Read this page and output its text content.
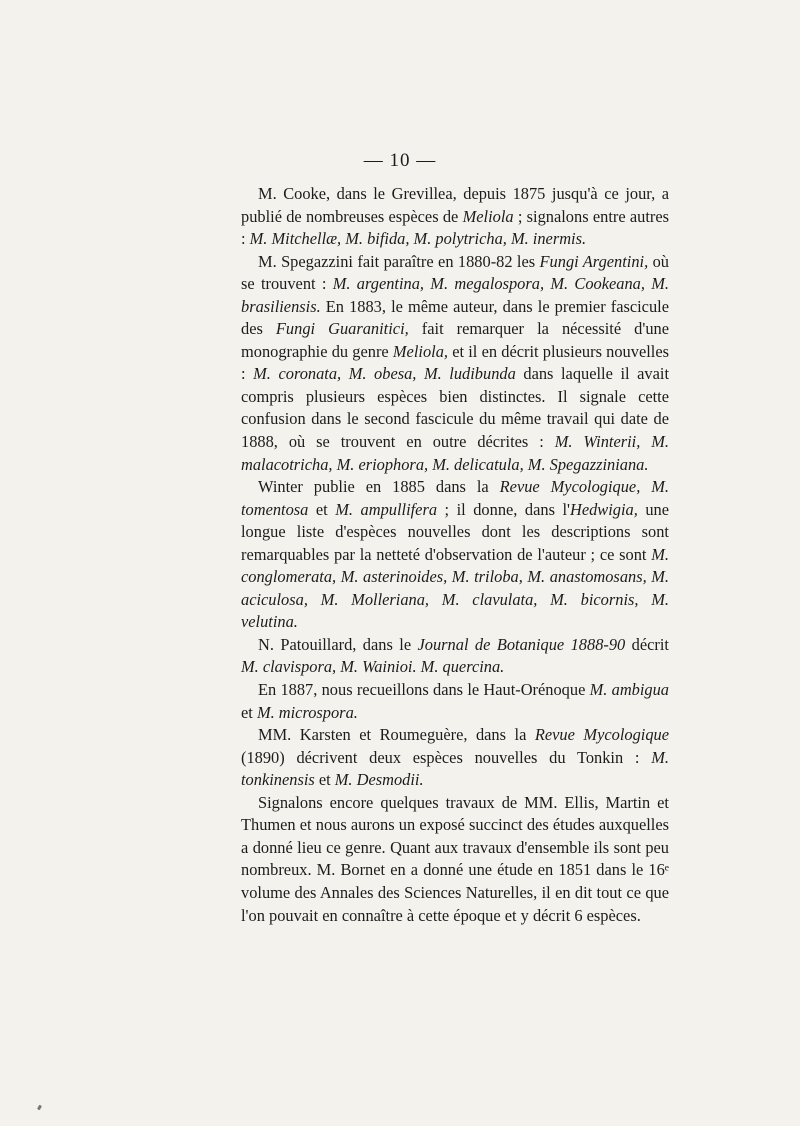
— 10 —

M. Cooke, dans le Grevillea, depuis 1875 jusqu'à ce jour, a publié de nombreuses espèces de Meliola ; signalons entre autres : M. Mitchellæ, M. bifida, M. polytricha, M. inermis.

M. Spegazzini fait paraître en 1880-82 les Fungi Argentini, où se trouvent : M. argentina, M. megalospora, M. Cookeana, M. brasiliensis. En 1883, le même auteur, dans le premier fascicule des Fungi Guaranitici, fait remarquer la nécessité d'une monographie du genre Meliola, et il en décrit plusieurs nouvelles : M. coronata, M. obesa, M. ludibunda dans laquelle il avait compris plusieurs espèces bien distinctes. Il signale cette confusion dans le second fascicule du même travail qui date de 1888, où se trouvent en outre décrites : M. Winterii, M. malacotricha, M. eriophora, M. delicatula, M. Spegazziniana.

Winter publie en 1885 dans la Revue Mycologique, M. tomentosa et M. ampullifera ; il donne, dans l'Hedwigia, une longue liste d'espèces nouvelles dont les descriptions sont remarquables par la netteté d'observation de l'auteur ; ce sont M. conglomerata, M. asterinoides, M. triloba, M. anastomosans, M. aciculosa, M. Molleriana, M. clavulata, M. bicornis, M. velutina.

N. Patouillard, dans le Journal de Botanique 1888-90 décrit M. clavispora, M. Wainioi. M. quercina.

En 1887, nous recueillons dans le Haut-Orénoque M. ambigua et M. microspora.

MM. Karsten et Roumeguère, dans la Revue Mycologique (1890) décrivent deux espèces nouvelles du Tonkin : M. tonkinensis et M. Desmodii.

Signalons encore quelques travaux de MM. Ellis, Martin et Thumen et nous aurons un exposé succinct des études auxquelles a donné lieu ce genre. Quant aux travaux d'ensemble ils sont peu nombreux. M. Bornet en a donné une étude en 1851 dans le 16ᵉ volume des Annales des Sciences Naturelles, il en dit tout ce que l'on pouvait en connaître à cette époque et y décrit 6 espèces.
